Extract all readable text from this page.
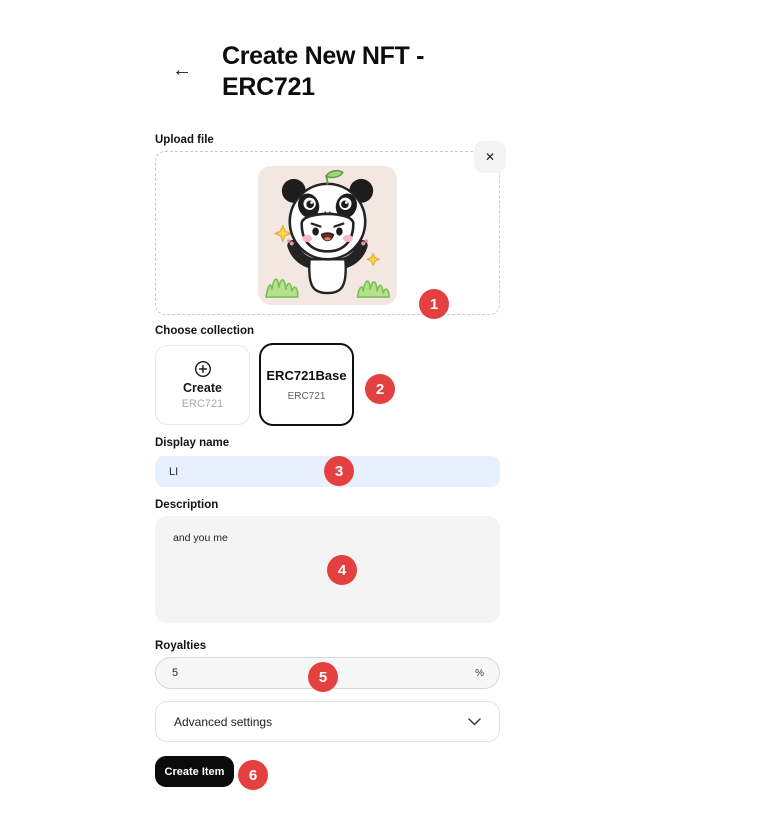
← Create New NFT - ERC721
Upload file
✕
Choose collection
Create
ERC721
ERC721Base
ERC721
Display name
LI
Description
and you me
Royalties
5
%
Advanced settings
Create Item
1
2
3
4
5
6
